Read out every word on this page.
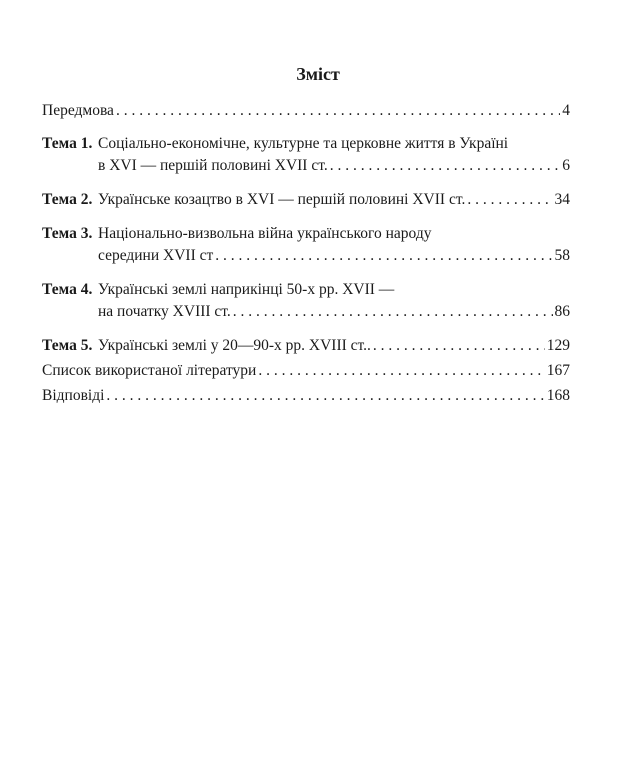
Зміст
Передмова . . .	4
Тема 1. Соціально-економічне, культурне та церковне життя в Україні
в XVI — першій половині XVII ст. . . .	6
Тема 2. Українське козацтво в XVI — першій половині XVII ст. . . .	34
Тема 3. Національно-визвольна війна українського народу
середини XVII ст . . .	58
Тема 4. Українські землі наприкінці 50-х рр. XVII —
на початку XVIII ст. . . .	86
Тема 5. Українські землі у 20—90-х рр. XVIII ст.. . . .	129
Список використаної літератури . . .	167
Відповіді . . .	168
